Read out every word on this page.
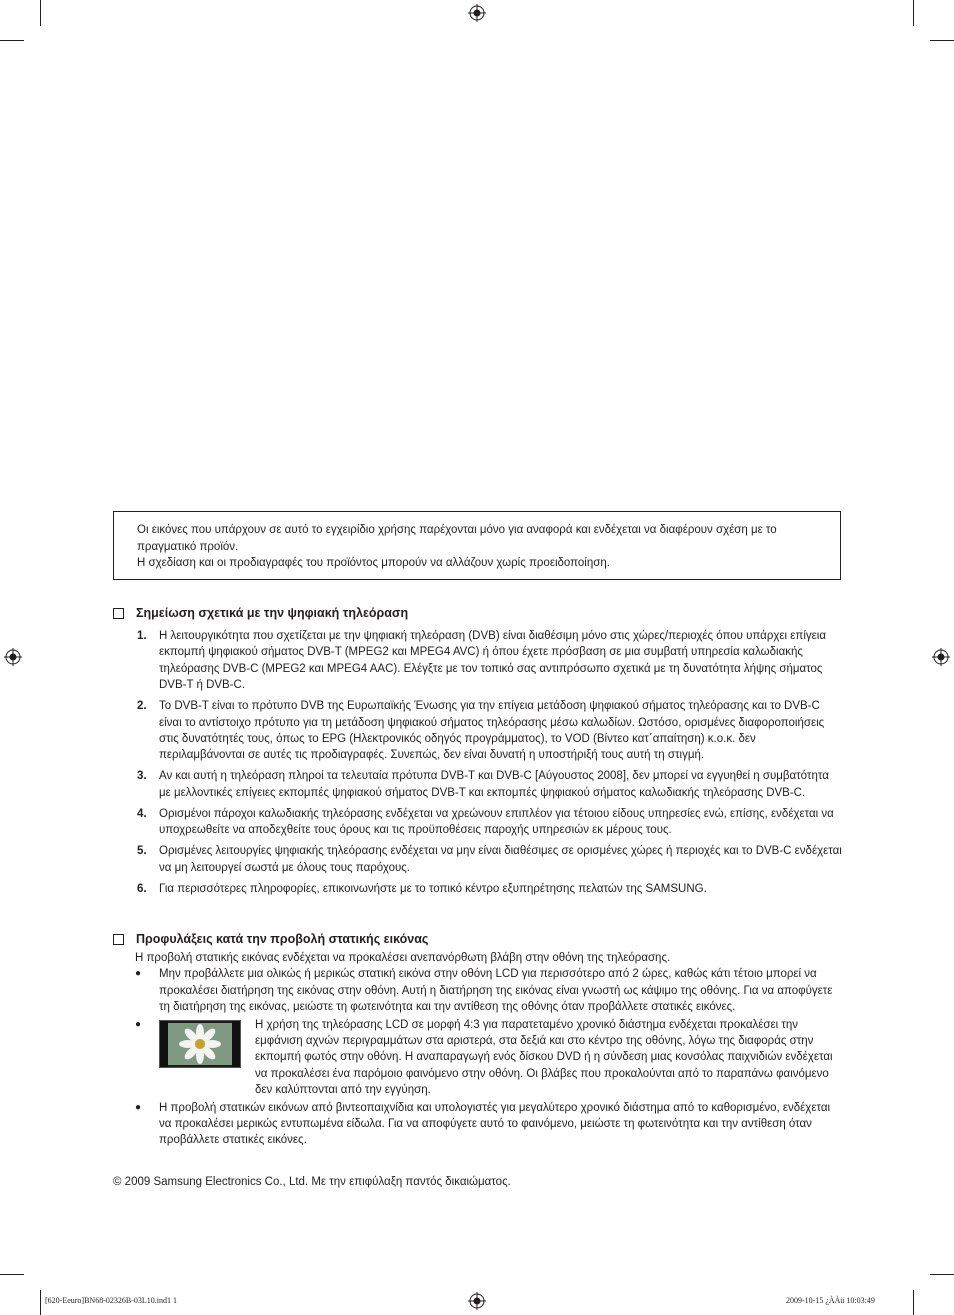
Οι εικόνες που υπάρχουν σε αυτό το εγχειρίδιο χρήσης παρέχονται μόνο για αναφορά και ενδέχεται να διαφέρουν σχέση με το πραγματικό προϊόν.

Η σχεδίαση και οι προδιαγραφές του προϊόντος μπορούν να αλλάζουν χωρίς προειδοποίηση.

Σημείωση σχετικά με την ψηφιακή τηλεόραση
1.	Η λειτουργικότητα που σχετίζεται με την ψηφιακή τηλεόραση (DVB) είναι διαθέσιμη μόνο στις χώρες/περιοχές όπου υπάρχει επίγεια εκπομπή ψηφιακού σήματος DVB-T (MPEG2 και MPEG4 AVC) ή όπου έχετε πρόσβαση σε μια συμβατή υπηρεσία καλωδιακής τηλεόρασης DVB-C (MPEG2 και MPEG4 AAC). Ελέγξτε με τον τοπικό σας αντιπρόσωπο σχετικά με τη δυνατότητα λήψης σήματος DVB-T ή DVB-C.
2.	Το DVB-T είναι το πρότυπο DVB της Ευρωπαϊκής Ένωσης για την επίγεια μετάδοση ψηφιακού σήματος τηλεόρασης και το DVB-C είναι το αντίστοιχο πρότυπο για τη μετάδοση ψηφιακού σήματος τηλεόρασης μέσω καλωδίων. Ωστόσο, ορισμένες διαφοροποιήσεις στις δυνατότητές τους, όπως το EPG (Ηλεκτρονικός οδηγός προγράμματος), το VOD (Βίντεο κατ΄απαίτηση) κ.ο.κ. δεν περιλαμβάνονται σε αυτές τις προδιαγραφές. Συνεπώς, δεν είναι δυνατή η υποστήριξή τους αυτή τη στιγμή.
3.	Αν και αυτή η τηλεόραση πληροί τα τελευταία πρότυπα DVB-T και DVB-C [Αύγουστος 2008], δεν μπορεί να εγγυηθεί η συμβατότητα με μελλοντικές επίγειες εκπομπές ψηφιακού σήματος DVB-T και εκπομπές ψηφιακού σήματος καλωδιακής τηλεόρασης DVB-C.
4.	Ορισμένοι πάροχοι καλωδιακής τηλεόρασης ενδέχεται να χρεώνουν επιπλέον για τέτοιου είδους υπηρεσίες ενώ, επίσης, ενδέχεται να υποχρεωθείτε να αποδεχθείτε τους όρους και τις προϋποθέσεις παροχής υπηρεσιών εκ μέρους τους.
5.	Ορισμένες λειτουργίες ψηφιακής τηλεόρασης ενδέχεται να μην είναι διαθέσιμες σε ορισμένες χώρες ή περιοχές και το DVB-C ενδέχεται να μη λειτουργεί σωστά με όλους τους παρόχους.
6.	Για περισσότερες πληροφορίες, επικοινωνήστε με το τοπικό κέντρο εξυπηρέτησης πελατών της SAMSUNG.
Προφυλάξεις κατά την προβολή στατικής εικόνας
Η προβολή στατικής εικόνας ενδέχεται να προκαλέσει ανεπανόρθωτη βλάβη στην οθόνη της τηλεόρασης.
●	Μην προβάλλετε μια ολικώς ή μερικώς στατική εικόνα στην οθόνη LCD για περισσότερο από 2 ώρες, καθώς κάτι τέτοιο μπορεί να προκαλέσει διατήρηση της εικόνας στην οθόνη. Αυτή η διατήρηση της εικόνας είναι γνωστή ως κάψιμο της οθόνης. Για να αποφύγετε τη διατήρηση της εικόνας, μειώστε τη φωτεινότητα και την αντίθεση της οθόνης όταν προβάλλετε στατικές εικόνες.
●	Η χρήση της τηλεόρασης LCD σε μορφή 4:3 για παρατεταμένο χρονικό διάστημα ενδέχεται προκαλέσει την εμφάνιση αχνών περιγραμμάτων στα αριστερά, στα δεξιά και στο κέντρο της οθόνης, λόγω της διαφοράς στην εκπομπή φωτός στην οθόνη. Η αναπαραγωγή ενός δίσκου DVD ή η σύνδεση μιας κονσόλας παιχνιδιών ενδέχεται να προκαλέσει ένα παρόμοιο φαινόμενο στην οθόνη. Οι βλάβες που προκαλούνται από το παραπάνω φαινόμενο δεν καλύπτονται από την εγγύηση.
●	Η προβολή στατικών εικόνων από βιντεοπαιχνίδια και υπολογιστές για μεγαλύτερο χρονικό διάστημα από το καθορισμένο, ενδέχεται να προκαλέσει μερικώς εντυπωμένα είδωλα. Για να αποφύγετε αυτό το φαινόμενο, μειώστε τη φωτεινότητα και την αντίθεση όταν προβάλλετε στατικές εικόνες.
© 2009 Samsung Electronics Co., Ltd. Με την επιφύλαξη παντός δικαιώματος.
[620-Eeuro]BN68-02326B-03L10.ind1 1	2009-10-15 ¿ÀÀü 10:03:49
